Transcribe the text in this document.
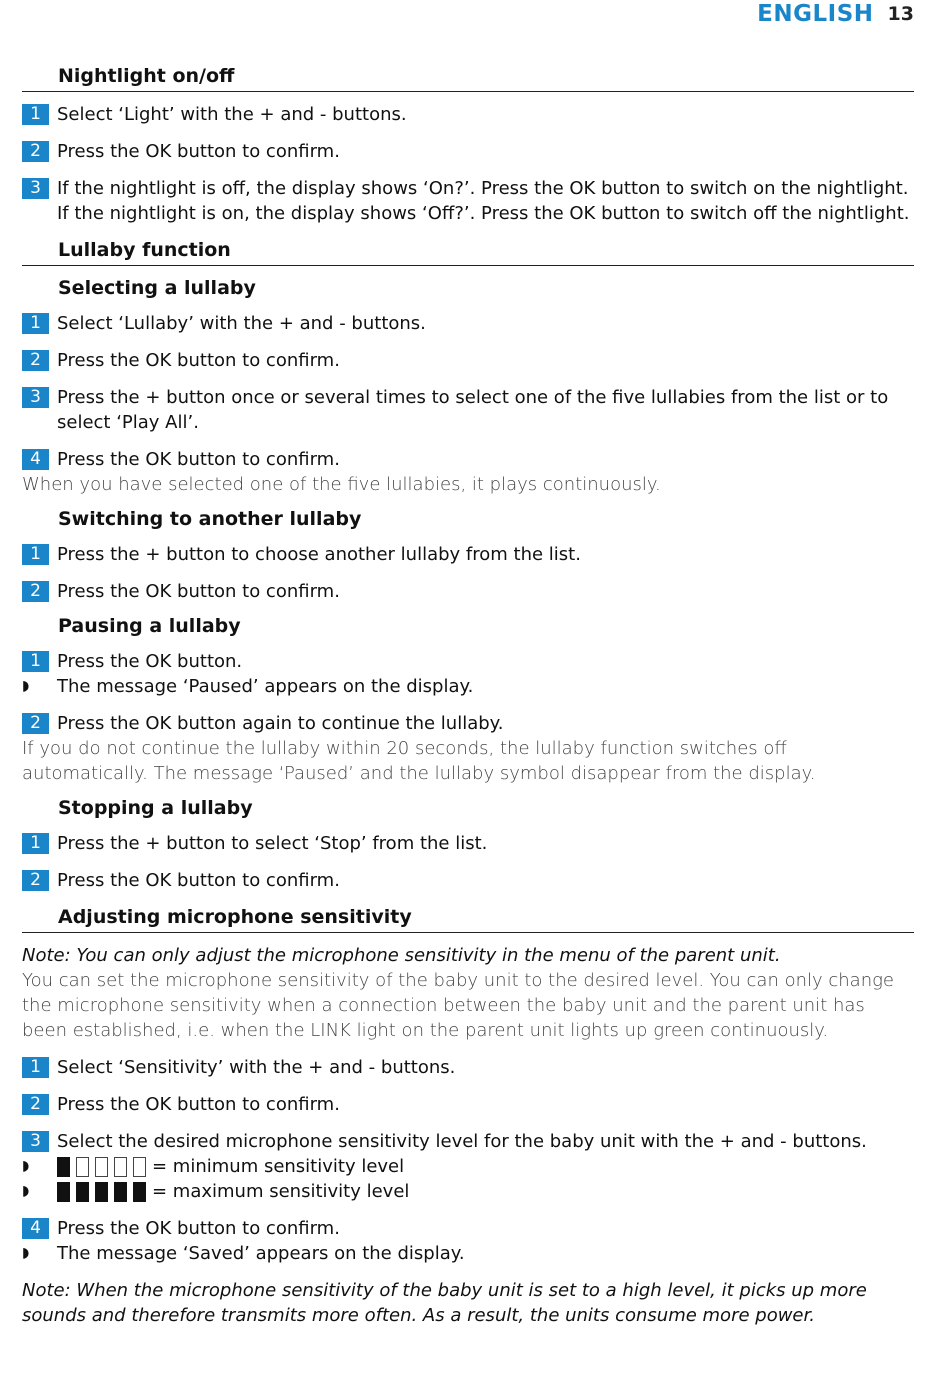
ENGLISH 13
Nightlight on/off
1 Select ‘Light’ with the + and - buttons.
2 Press the OK button to confirm.
3 If the nightlight is off, the display shows ‘On?’. Press the OK button to switch on the nightlight. If the nightlight is on, the display shows ‘Off?’. Press the OK button to switch off the nightlight.
Lullaby function
Selecting a lullaby
1 Select ‘Lullaby’ with the + and - buttons.
2 Press the OK button to confirm.
3 Press the + button once or several times to select one of the five lullabies from the list or to select ‘Play All’.
4 Press the OK button to confirm.
When you have selected one of the five lullabies, it plays continuously.
Switching to another lullaby
1 Press the + button to choose another lullaby from the list.
2 Press the OK button to confirm.
Pausing a lullaby
1 Press the OK button.
◗	The message ‘Paused’ appears on the display.
2 Press the OK button again to continue the lullaby.
If you do not continue the lullaby within 20 seconds, the lullaby function switches off automatically. The message ‘Paused’ and the lullaby symbol disappear from the display.
Stopping a lullaby
1 Press the + button to select ‘Stop’ from the list.
2 Press the OK button to confirm.
Adjusting microphone sensitivity
Note: You can only adjust the microphone sensitivity in the menu of the parent unit.
You can set the microphone sensitivity of the baby unit to the desired level. You can only change the microphone sensitivity when a connection between the baby unit and the parent unit has been established, i.e. when the LINK light on the parent unit lights up green continuously.
1 Select ‘Sensitivity’ with the + and - buttons.
2 Press the OK button to confirm.
3 Select the desired microphone sensitivity level for the baby unit with the + and - buttons.
◗	= minimum sensitivity level
◗	= maximum sensitivity level
4 Press the OK button to confirm.
◗	The message ‘Saved’ appears on the display.
Note: When the microphone sensitivity of the baby unit is set to a high level, it picks up more sounds and therefore transmits more often. As a result, the units consume more power.
